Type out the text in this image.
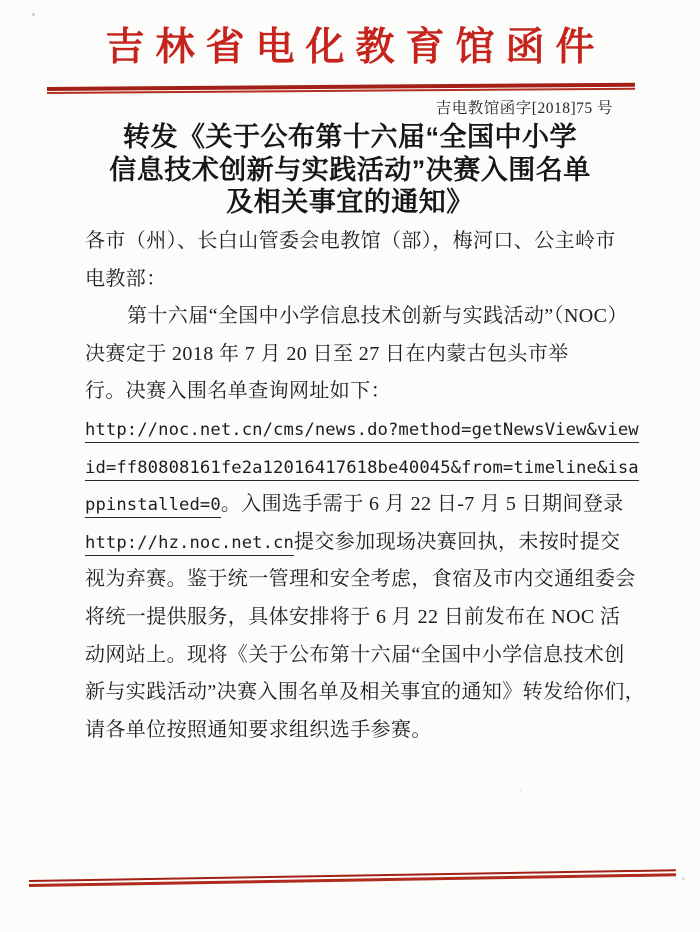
吉林省电化教育馆函件
吉电教馆函字[2018]75 号
转发《关于公布第十六届“全国中小学
信息技术创新与实践活动”决赛入围名单
及相关事宜的通知》
各市（州）、长白山管委会电教馆（部），梅河口、公主岭市
电教部：
第十六届“全国中小学信息技术创新与实践活动”（NOC）
决赛定于 2018 年 7 月 20 日至 27 日在内蒙古包头市举
行。决赛入围名单查询网址如下：
http://noc.net.cn/cms/news.do?method=getNewsView&view
id=ff80808161fe2a12016417618be40045&from=timeline&isa
ppinstalled=0。入围选手需于 6 月 22 日-7 月 5 日期间登录
http://hz.noc.net.cn提交参加现场决赛回执，未按时提交
视为弃赛。鉴于统一管理和安全考虑，食宿及市内交通组委会
将统一提供服务，具体安排将于 6 月 22 日前发布在 NOC 活
动网站上。现将《关于公布第十六届“全国中小学信息技术创
新与实践活动”决赛入围名单及相关事宜的通知》转发给你们，
请各单位按照通知要求组织选手参赛。
